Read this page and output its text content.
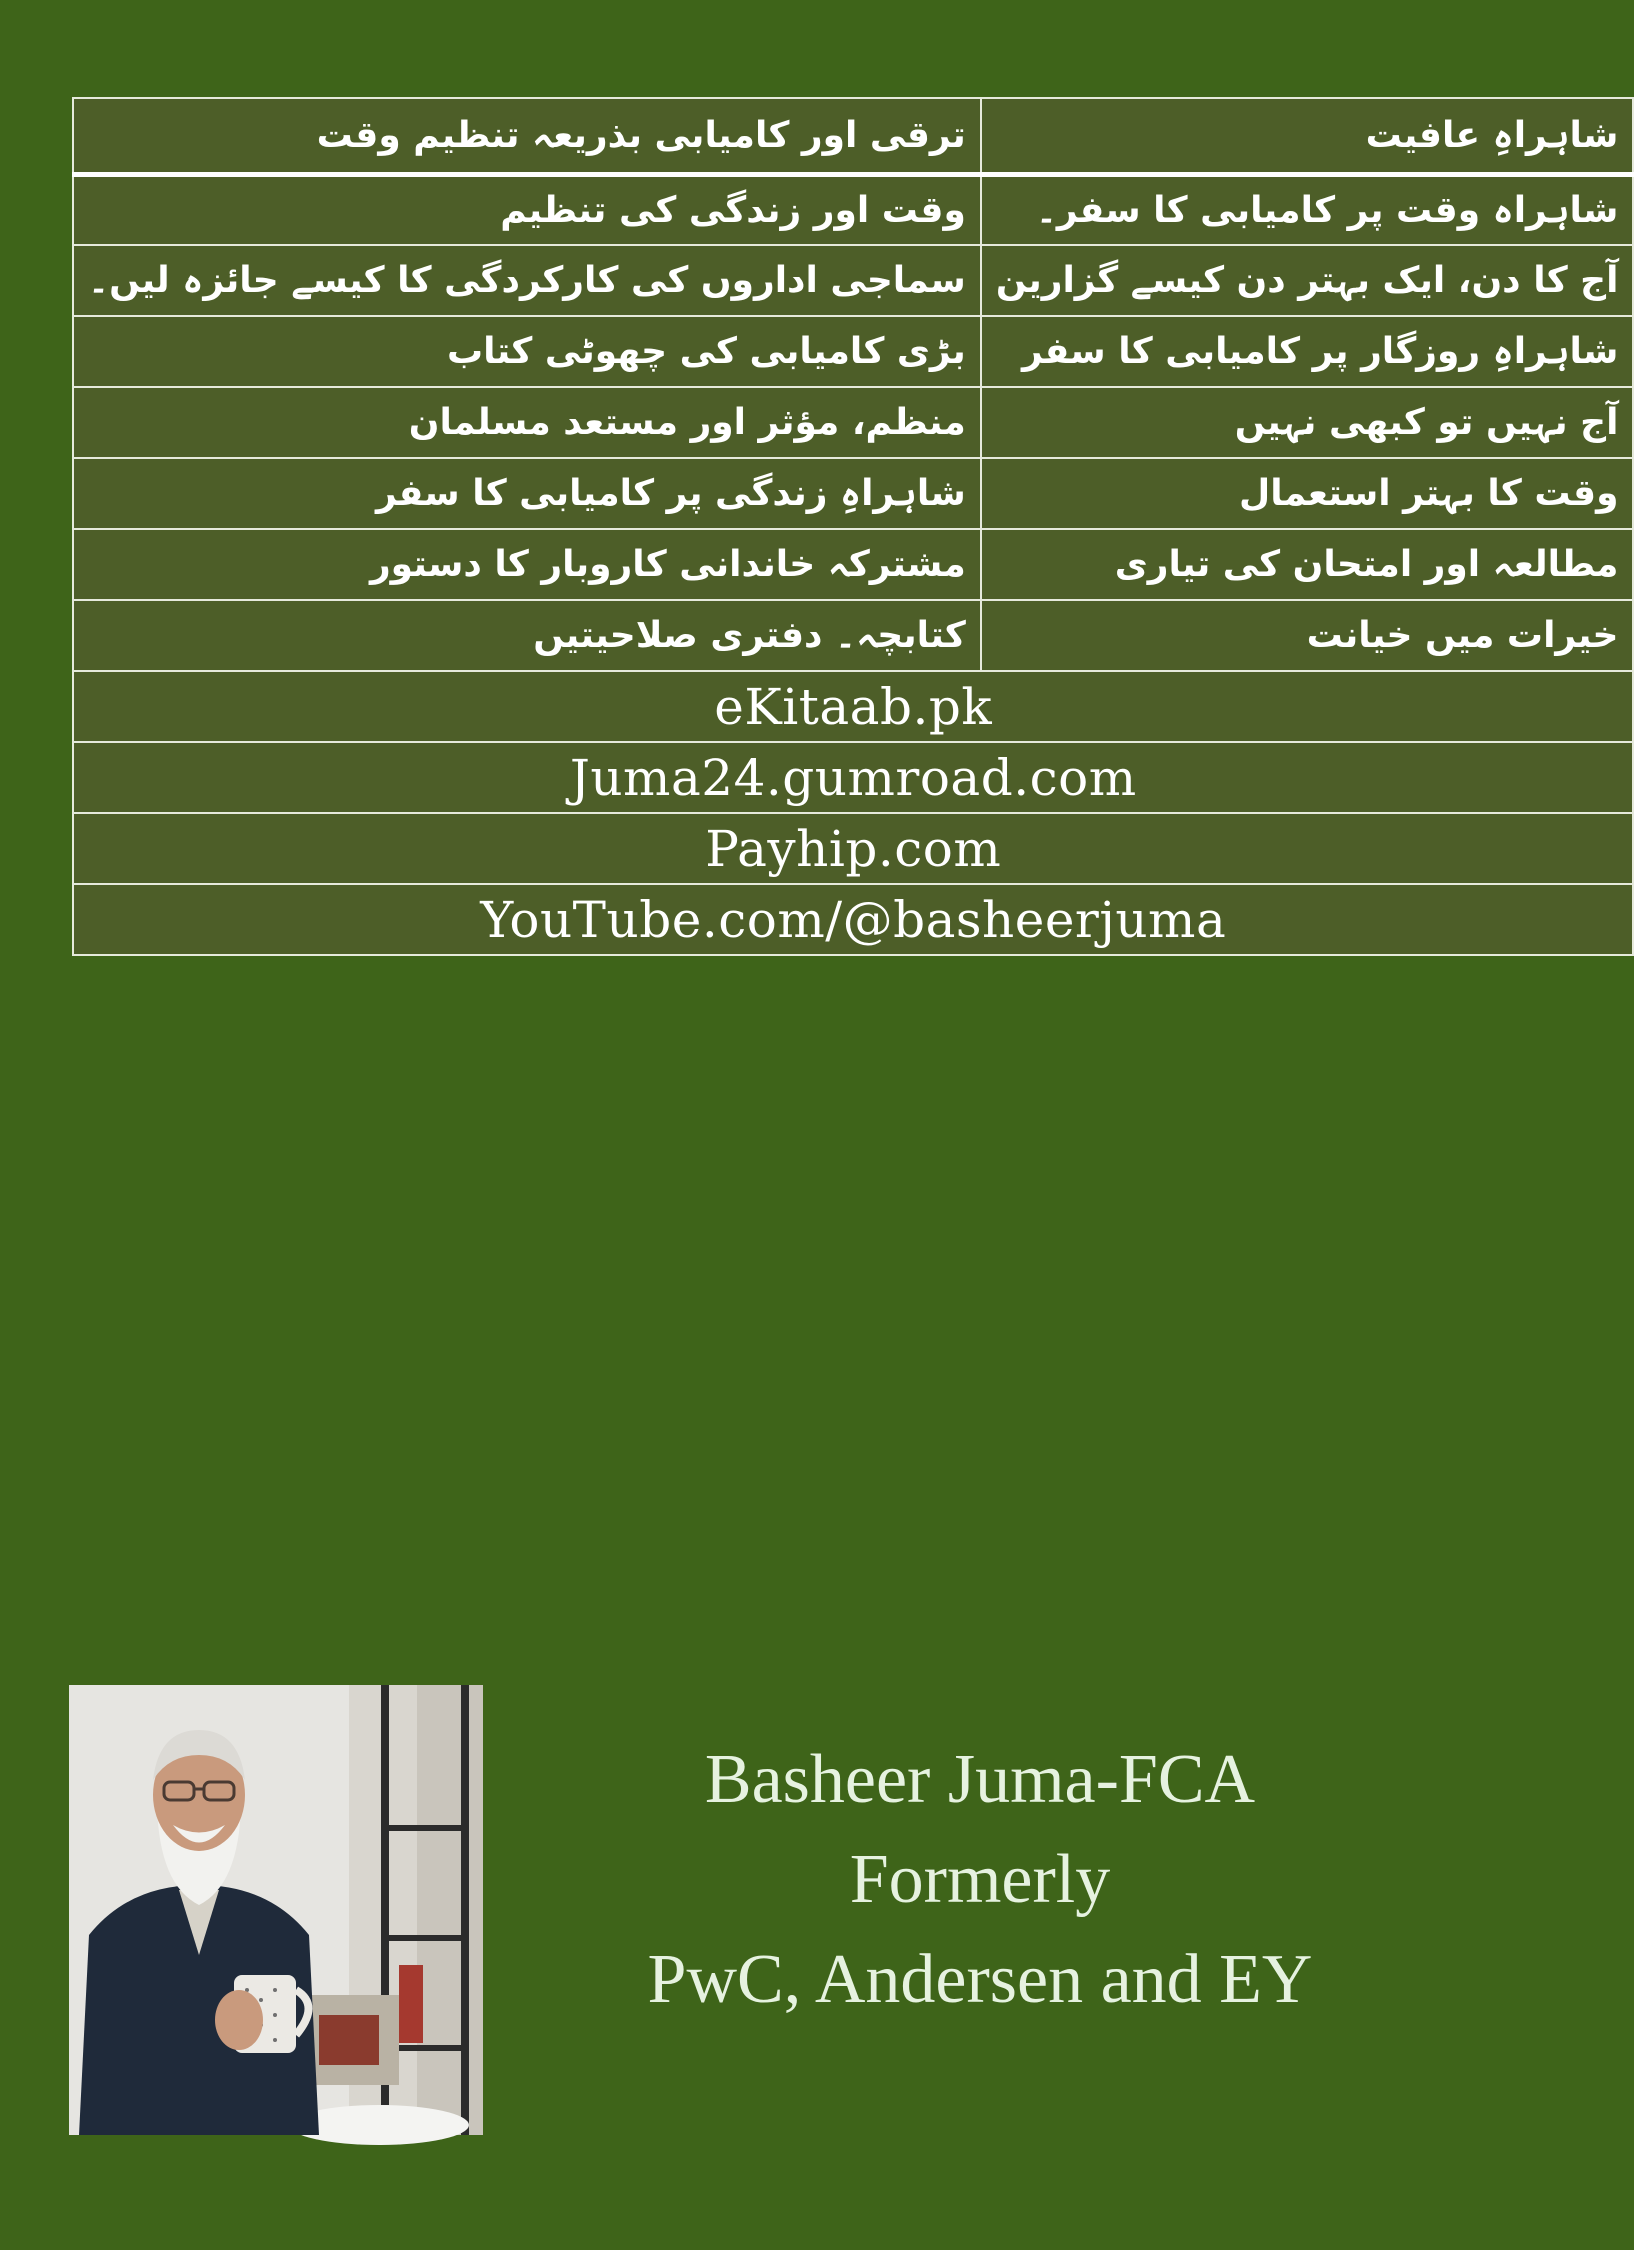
ترقی اور کامیابی بذریعہ تنظیم وقت	شاہراہِ عافیت
وقت اور زندگی کی تنظیم	شاہراہ وقت پر کامیابی کا سفر۔
سماجی اداروں کی کارکردگی کا کیسے جائزہ لیں۔	آج کا دن، ایک بہتر دن کیسے گزارین
بڑی کامیابی کی چھوٹی کتاب	شاہراہِ روزگار پر کامیابی کا سفر
منظم، مؤثر اور مستعد مسلمان	آج نہیں تو کبھی نہیں
شاہراہِ زندگی پر کامیابی کا سفر	وقت کا بہتر استعمال
مشترکہ خاندانی کاروبار کا دستور	مطالعہ اور امتحان کی تیاری
کتابچہ۔ دفتری صلاحیتیں	خیرات میں خیانت
eKitaab.pk	
Juma24.gumroad.com	
Payhip.com	
YouTube.com/@basheerjuma	
Basheer Juma-FCA
Formerly
PwC, Andersen and EY
